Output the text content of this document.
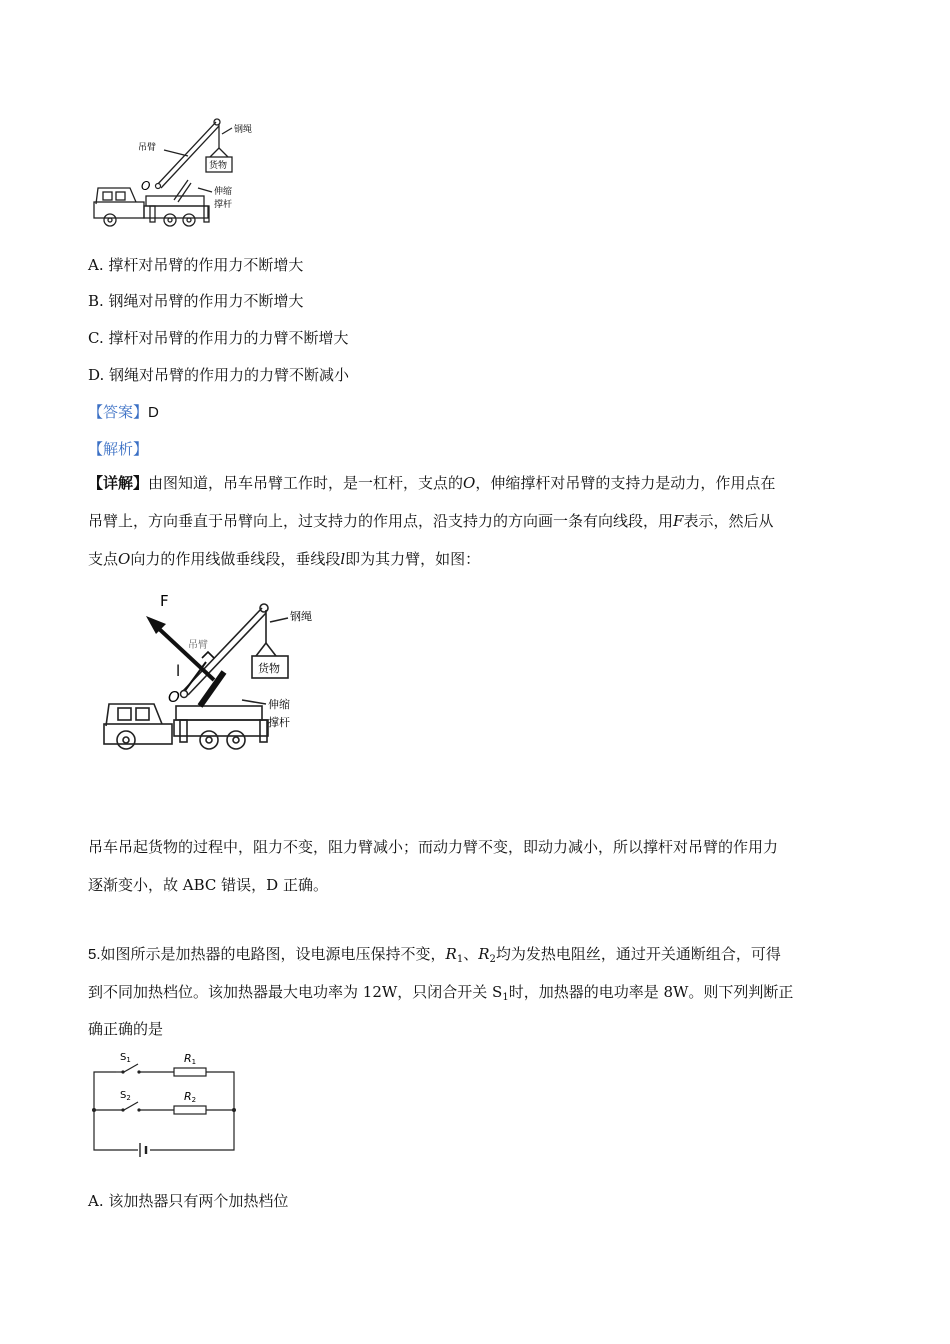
吊臂
钢绳
货物
O	伸缩
撑杆
A. 撑杆对吊臂的作用力不断增大
B. 钢绳对吊臂的作用力不断增大
C. 撑杆对吊臂的作用力的力臂不断增大
D. 钢绳对吊臂的作用力的力臂不断减小
【答案】D
【解析】
【详解】由图知道，吊车吊臂工作时，是一杠杆，支点的O，伸缩撑杆对吊臂的支持力是动力，作用点在
吊臂上，方向垂直于吊臂向上，过支持力的作用点，沿支持力的方向画一条有向线段，用F表示，然后从
支点O向力的作用线做垂线段，垂线段l即为其力臂，如图：
F
吊臂
l
O
钢绳
货物
伸缩
撑杆
吊车吊起货物的过程中，阻力不变，阻力臂减小；而动力臂不变，即动力减小，所以撑杆对吊臂的作用力
逐渐变小，故 ABC 错误，D 正确。
5.如图所示是加热器的电路图，设电源电压保持不变，$R_1$、$R_2$均为发热电阻丝，通过开关通断组合，可得
到不同加热档位。该加热器最大电功率为 12W，只闭合开关 $S_1$时，加热器的电功率是 8W。则下列判断正
确正确的是
$S_1$	R1
$S_2$	R2
A. 该加热器只有两个加热档位
